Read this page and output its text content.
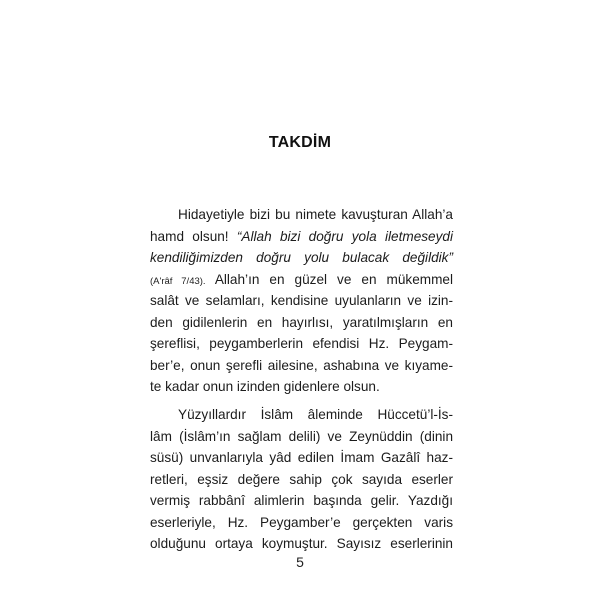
TAKDİM
Hidayetiyle bizi bu nimete kavuşturan Allah’a
hamd olsun! “Allah bizi doğru yola iletmeseydi
kendiliğimizden doğru yolu bulacak değildik”
(A'râf 7/43). Allah’ın en güzel ve en mükemmel
salât ve selamları, kendisine uyulanların ve izin-
den gidilenlerin en hayırlısı, yaratılmışların en
şereflisi, peygamberlerin efendisi Hz. Peygam-
ber’e, onun şerefli ailesine, ashabına ve kıyame-
te kadar onun izinden gidenlere olsun.
Yüzyıllardır İslâm âleminde Hüccetü’l-İs-
lâm (İslâm’ın sağlam delili) ve Zeynüddin (dinin
süsü) unvanlarıyla yâd edilen İmam Gazâlî haz-
retleri, eşsiz değere sahip çok sayıda eserler
vermiş rabbânî alimlerin başında gelir. Yazdığı
eserleriyle, Hz. Peygamber’e gerçekten varis
olduğunu ortaya koymuştur. Sayısız eserlerinin
5
